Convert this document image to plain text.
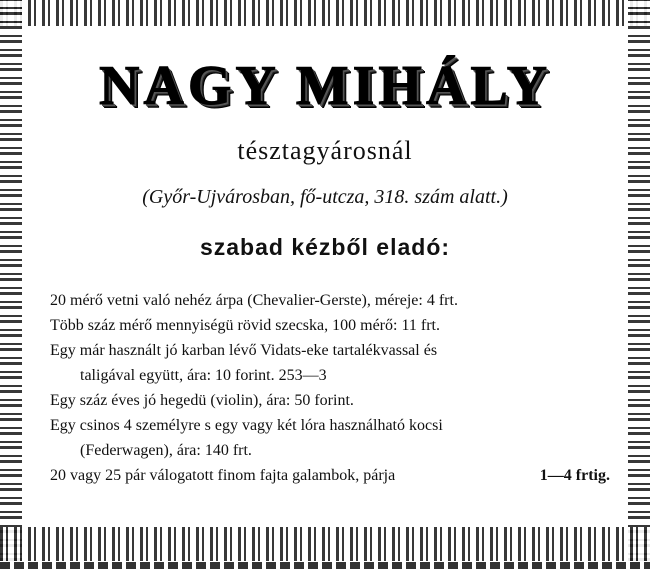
NAGY MIHÁLY
tésztagyárosnál
(Győr-Ujvárosban, fő-utcza, 318. szám alatt.)
szabad kézből eladó:
20 mérő vetni való nehéz árpa (Chevalier-Gerste), méreje: 4 frt.
Több száz mérő mennyiségü rövid szecska, 100 mérő: 11 frt.
Egy már használt jó karban lévő Vidats-eke tartalékvassal és
taligával együtt, ára: 10 forint. 253—3
Egy száz éves jó hegedü (violin), ára: 50 forint.
Egy csinos 4 személyre s egy vagy két lóra használható kocsi
(Federwagen), ára: 140 frt.
20 vagy 25 pár válogatott finom fajta galambok, párja	1—4 frtig.
